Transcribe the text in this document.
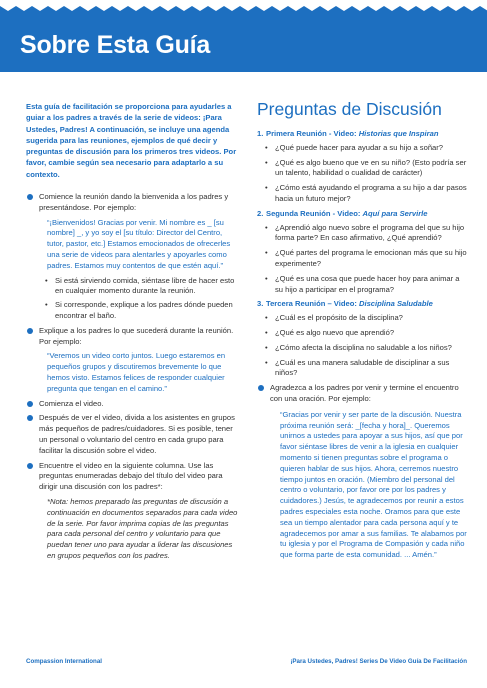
Sobre Esta Guía

Esta guía de facilitación se proporciona para ayudarles a guiar a los padres a través de la serie de videos: ¡Para Ustedes, Padres! A continuación, se incluye una agenda sugerida para las reuniones, ejemplos de qué decir y preguntas de discusión para los primeros tres videos. Por favor, cambie según sea necesario para adaptarlo a su contexto.

Comience la reunión dando la bienvenida a los padres y presentándose. Por ejemplo:
“¡Bienvenidos! Gracias por venir. Mi nombre es _ [su nombre] _, y yo soy el [su título: Director del Centro, tutor, pastor, etc.] Estamos emocionados de ofrecerles una serie de videos para alentarles y apoyarles como padres. Estamos muy contentos de que estén aquí.”
• Si está sirviendo comida, siéntase libre de hacer esto en cualquier momento durante la reunión.
• Si corresponde, explique a los padres dónde pueden encontrar el baño.
Explique a los padres lo que sucederá durante la reunión. Por ejemplo:
“Veremos un video corto juntos. Luego estaremos en pequeños grupos y discutiremos brevemente lo que hemos visto. Estamos felices de responder cualquier pregunta que tengan en el camino.”
Comienza el video.
Después de ver el video, divida a los asistentes en grupos más pequeños de padres/cuidadores. Si es posible, tener un personal o voluntario del centro en cada grupo para facilitar la discusión sobre el video.
Encuentre el video en la siguiente columna. Use las preguntas enumeradas debajo del título del video para dirigir una discusión con los padres*:
*Nota: hemos preparado las preguntas de discusión a continuación en documentos separados para cada video de la serie. Por favor imprima copias de las preguntas para cada personal del centro y voluntario para que puedan tener uno para ayudar a liderar las discusiones en grupos pequeños con los padres.
Preguntas de Discusión
1. Primera Reunión - Video: Historias que Inspiran
• ¿Qué puede hacer para ayudar a su hijo a soñar?
• ¿Qué es algo bueno que ve en su niño? (Esto podría ser un talento, habilidad o cualidad de carácter)
• ¿Cómo está ayudando el programa a su hijo a dar pasos hacia un futuro mejor?
2. Segunda Reunión - Video: Aquí para Servirle
• ¿Aprendió algo nuevo sobre el programa del que su hijo forma parte? En caso afirmativo, ¿Qué aprendió?
• ¿Qué partes del programa le emocionan más que su hijo experimente?
• ¿Qué es una cosa que puede hacer hoy para animar a su hijo a participar en el programa?
3. Tercera Reunión – Video: Disciplina Saludable
• ¿Cuál es el propósito de la disciplina?
• ¿Qué es algo nuevo que aprendió?
• ¿Cómo afecta la disciplina no saludable a los niños?
• ¿Cuál es una manera saludable de disciplinar a sus niños?
Agradezca a los padres por venir y termine el encuentro con una oración. Por ejemplo:
“Gracias por venir y ser parte de la discusión. Nuestra próxima reunión será: _[fecha y hora]_. Queremos unirnos a ustedes para apoyar a sus hijos, así que por favor siéntase libres de venir a la iglesia en cualquier momento si tienen preguntas sobre el programa o quieren hablar de sus hijos. Ahora, cerremos nuestro tiempo juntos en oración. (Miembro del personal del centro o voluntario, por favor ore por los padres y cuidadores.) Jesús, te agradecemos por reunir a estos padres especiales esta noche. Oramos para que este sea un tiempo alentador para cada persona aquí y te agradecemos por amar a sus familias. Te alabamos por tu iglesia y por el Programa de Compasión y cada niño que forma parte de esta comunidad. ... Amén.”
Compassion International	¡Para Ustedes, Padres! Series De Video Guía De Facilitación
